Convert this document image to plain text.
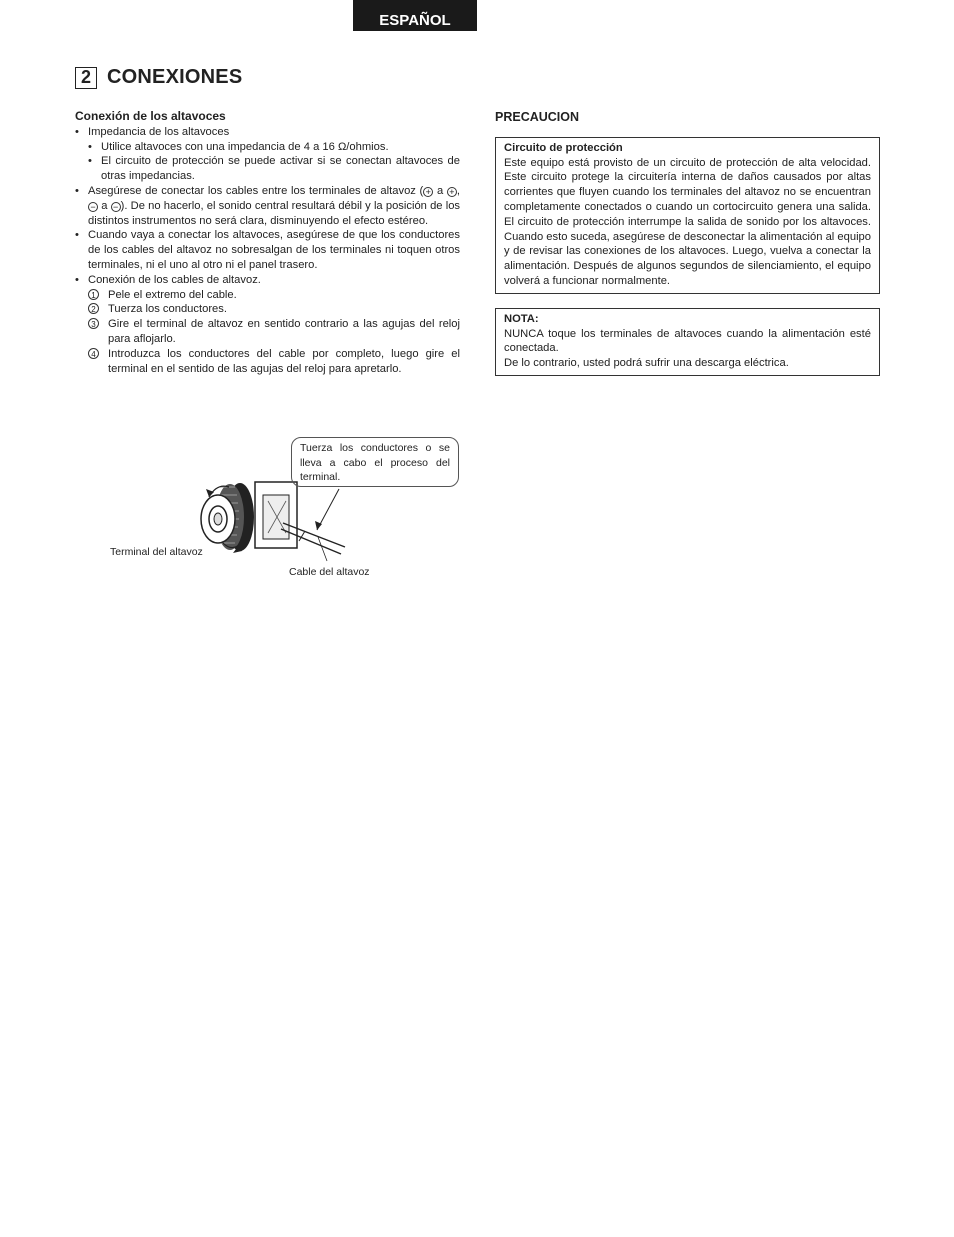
ESPAÑOL
2 CONEXIONES
Conexión de los altavoces
• Impedancia de los altavoces
• Utilice altavoces con una impedancia de 4 a 16 Ω/ohmios.
• El circuito de protección se puede activar si se conectan altavoces de otras impedancias.
• Asegúrese de conectar los cables entre los terminales de altavoz ( + a + , − a − ). De no hacerlo, el sonido central resultará débil y la posición de los distintos instrumentos no será clara, disminuyendo el efecto estéreo.
• Cuando vaya a conectar los altavoces, asegúrese de que los conductores de los cables del altavoz no sobresalgan de los terminales ni toquen otros terminales, ni el uno al otro ni el panel trasero.
• Conexión de los cables de altavoz.
1	Pele el extremo del cable.
2	Tuerza los conductores.
3	Gire el terminal de altavoz en sentido contrario a las agujas del reloj para aflojarlo.
4	Introduzca los conductores del cable por completo, luego gire el terminal en el sentido de las agujas del reloj para apretarlo.
Tuerza los conductores o se lleva a cabo el proceso del terminal.
Terminal del altavoz
Cable del altavoz
PRECAUCION
Circuito de protección
Este equipo está provisto de un circuito de protección de alta velocidad. Este circuito protege la circuitería interna de daños causados por altas corrientes que fluyen cuando los terminales del altavoz no se encuentran completamente conectados o cuando un cortocircuito genera una salida. El circuito de protección interrumpe la salida de sonido por los altavoces. Cuando esto suceda, asegúrese de desconectar la alimentación al equipo y de revisar las conexiones de los altavoces. Luego, vuelva a conectar la alimentación. Después de algunos segundos de silenciamiento, el equipo volverá a funcionar normalmente.
NOTA:
NUNCA toque los terminales de altavoces cuando la alimentación esté conectada.
De lo contrario, usted podrá sufrir una descarga eléctrica.
